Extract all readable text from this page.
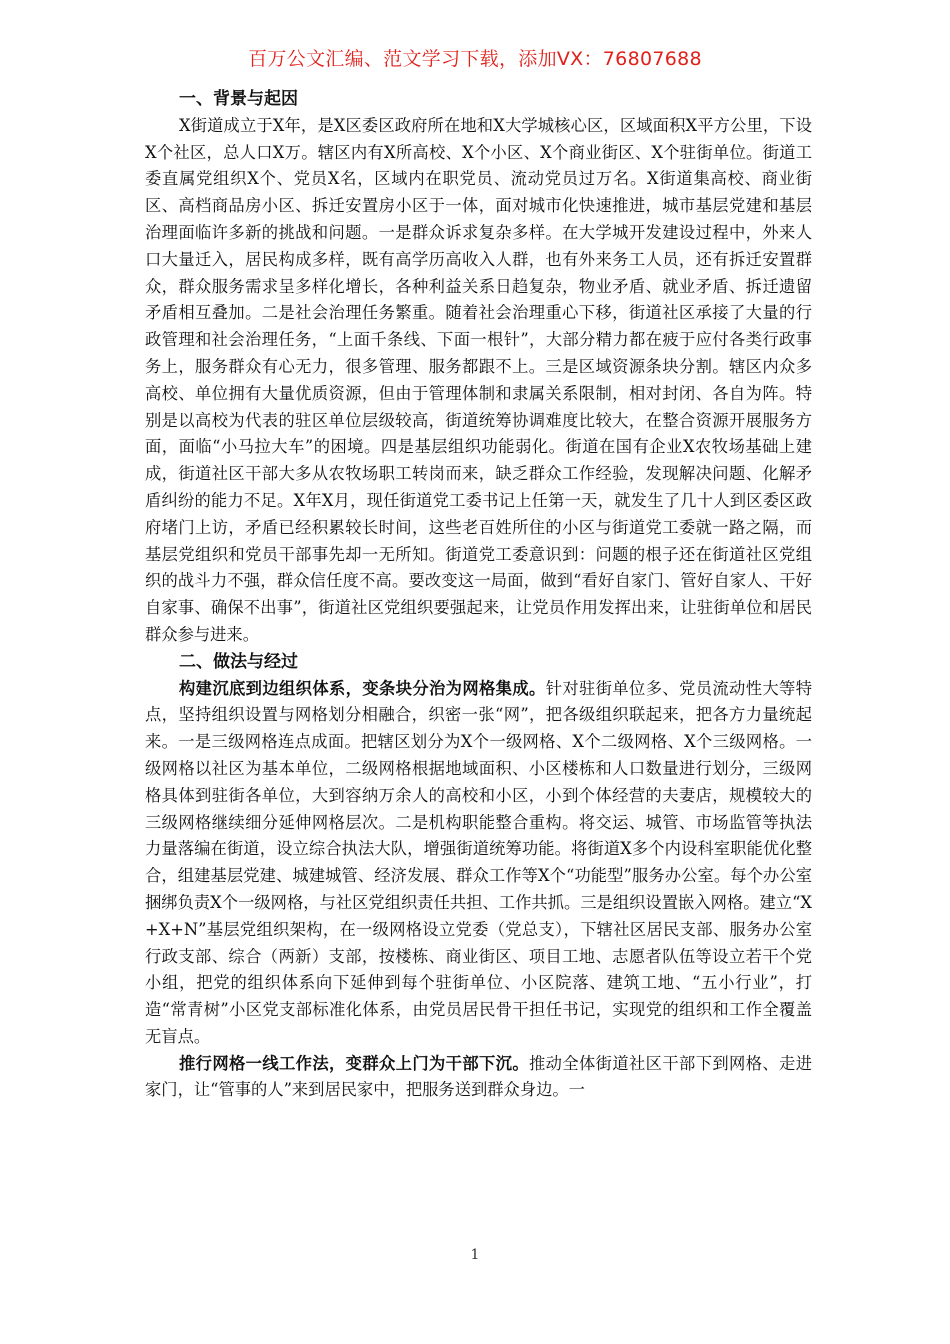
百万公文汇编、范文学习下载，添加VX：76807688
一、背景与起因

X街道成立于X年，是X区委区政府所在地和X大学城核心区，区域面积X平方公里，下设X个社区，总人口X万。辖区内有X所高校、X个小区、X个商业街区、X个驻街单位。街道工委直属党组织X个、党员X名，区域内在职党员、流动党员过万名。X街道集高校、商业街区、高档商品房小区、拆迁安置房小区于一体，面对城市化快速推进，城市基层党建和基层治理面临许多新的挑战和问题。一是群众诉求复杂多样。在大学城开发建设过程中，外来人口大量迁入，居民构成多样，既有高学历高收入人群，也有外来务工人员，还有拆迁安置群众，群众服务需求呈多样化增长，各种利益关系日趋复杂，物业矛盾、就业矛盾、拆迁遗留矛盾相互叠加。二是社会治理任务繁重。随着社会治理重心下移，街道社区承接了大量的行政管理和社会治理任务，“上面千条线、下面一根针”，大部分精力都在疲于应付各类行政事务上，服务群众有心无力，很多管理、服务都跟不上。三是区域资源条块分割。辖区内众多高校、单位拥有大量优质资源，但由于管理体制和隶属关系限制，相对封闭、各自为阵。特别是以高校为代表的驻区单位层级较高，街道统筹协调难度比较大，在整合资源开展服务方面，面临“小马拉大车”的困境。四是基层组织功能弱化。街道在国有企业X农牧场基础上建成，街道社区干部大多从农牧场职工转岗而来，缺乏群众工作经验，发现解决问题、化解矛盾纠纷的能力不足。X年X月，现任街道党工委书记上任第一天，就发生了几十人到区委区政府堵门上访，矛盾已经积累较长时间，这些老百姓所住的小区与街道党工委就一路之隔，而基层党组织和党员干部事先却一无所知。街道党工委意识到：问题的根子还在街道社区党组织的战斗力不强，群众信任度不高。要改变这一局面，做到“看好自家门、管好自家人、干好自家事、确保不出事”，街道社区党组织要强起来，让党员作用发挥出来，让驻街单位和居民群众参与进来。

二、做法与经过

构建沉底到边组织体系，变条块分治为网格集成。针对驻街单位多、党员流动性大等特点，坚持组织设置与网格划分相融合，织密一张“网”，把各级组织联起来，把各方力量统起来。一是三级网格连点成面。把辖区划分为X个一级网格、X个二级网格、X个三级网格。一级网格以社区为基本单位，二级网格根据地域面积、小区楼栋和人口数量进行划分，三级网格具体到驻街各单位，大到容纳万余人的高校和小区，小到个体经营的夫妻店，规模较大的三级网格继续细分延伸网格层次。二是机构职能整合重构。将交运、城管、市场监管等执法力量落编在街道，设立综合执法大队，增强街道统筹功能。将街道X多个内设科室职能优化整合，组建基层党建、城建城管、经济发展、群众工作等X个“功能型”服务办公室。每个办公室捆绑负责X个一级网格，与社区党组织责任共担、工作共抓。三是组织设置嵌入网格。建立“X+X+N”基层党组织架构，在一级网格设立党委（党总支），下辖社区居民支部、服务办公室行政支部、综合（两新）支部，按楼栋、商业街区、项目工地、志愿者队伍等设立若干个党小组，把党的组织体系向下延伸到每个驻街单位、小区院落、建筑工地、“五小行业”，打造“常青树”小区党支部标准化体系，由党员居民骨干担任书记，实现党的组织和工作全覆盖无盲点。

推行网格一线工作法，变群众上门为干部下沉。推动全体街道社区干部下到网格、走进家门，让“管事的人”来到居民家中，把服务送到群众身边。一

1
